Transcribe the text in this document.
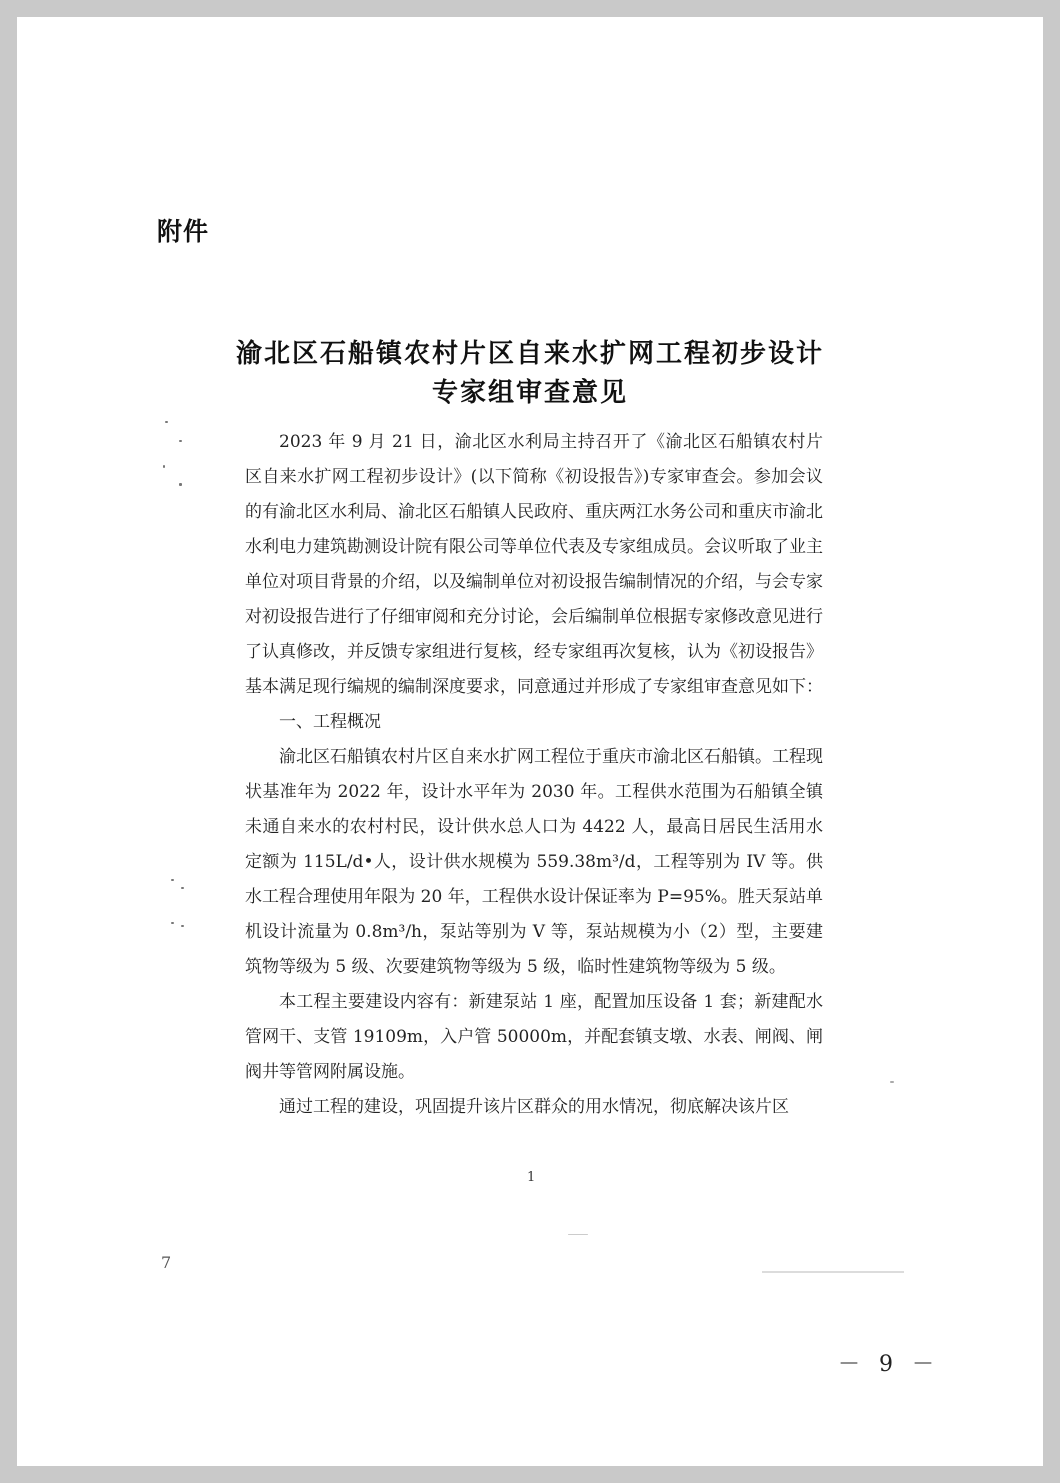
附件
渝北区石船镇农村片区自来水扩网工程初步设计
专家组审查意见

2023 年 9 月 21 日，渝北区水利局主持召开了《渝北区石船镇农村片区自来水扩网工程初步设计》(以下简称《初设报告》)专家审查会。参加会议的有渝北区水利局、渝北区石船镇人民政府、重庆两江水务公司和重庆市渝北水利电力建筑勘测设计院有限公司等单位代表及专家组成员。会议听取了业主单位对项目背景的介绍，以及编制单位对初设报告编制情况的介绍，与会专家对初设报告进行了仔细审阅和充分讨论，会后编制单位根据专家修改意见进行了认真修改，并反馈专家组进行复核，经专家组再次复核，认为《初设报告》基本满足现行编规的编制深度要求，同意通过并形成了专家组审查意见如下：

一、工程概况

渝北区石船镇农村片区自来水扩网工程位于重庆市渝北区石船镇。工程现状基准年为 2022 年，设计水平年为 2030 年。工程供水范围为石船镇全镇未通自来水的农村村民，设计供水总人口为 4422 人，最高日居民生活用水定额为 115L/d•人，设计供水规模为 559.38m³/d，工程等别为 IV 等。供水工程合理使用年限为 20 年，工程供水设计保证率为 P=95%。胜天泵站单机设计流量为 0.8m³/h，泵站等别为 V 等，泵站规模为小（2）型，主要建筑物等级为 5 级、次要建筑物等级为 5 级，临时性建筑物等级为 5 级。

本工程主要建设内容有：新建泵站 1 座，配置加压设备 1 套；新建配水管网干、支管 19109m，入户管 50000m，并配套镇支墩、水表、闸阀、闸阀井等管网附属设施。

通过工程的建设，巩固提升该片区群众的用水情况，彻底解决该片区

1
7
－ 9 －
